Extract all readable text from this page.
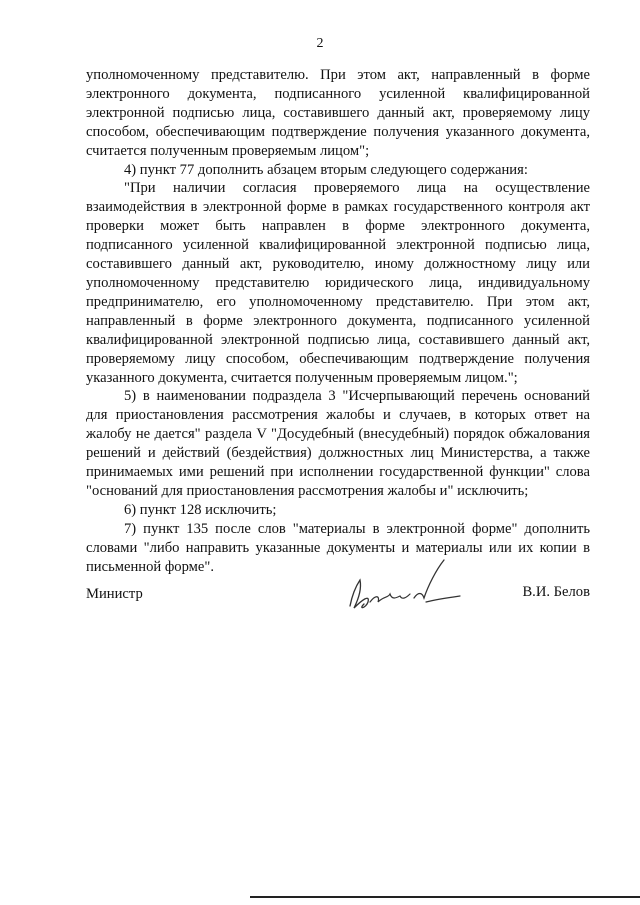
2

уполномоченному представителю. При этом акт, направленный в форме электронного документа, подписанного усиленной квалифицированной электронной подписью лица, составившего данный акт, проверяемому лицу способом, обеспечивающим подтверждение получения указанного документа, считается полученным проверяемым лицом";

4) пункт 77 дополнить абзацем вторым следующего содержания:

"При наличии согласия проверяемого лица на осуществление взаимодействия в электронной форме в рамках государственного контроля акт проверки может быть направлен в форме электронного документа, подписанного усиленной квалифицированной электронной подписью лица, составившего данный акт, руководителю, иному должностному лицу или уполномоченному представителю юридического лица, индивидуальному предпринимателю, его уполномоченному представителю. При этом акт, направленный в форме электронного документа, подписанного усиленной квалифицированной электронной подписью лица, составившего данный акт, проверяемому лицу способом, обеспечивающим подтверждение получения указанного документа, считается полученным проверяемым лицом.";

5) в наименовании подраздела 3 "Исчерпывающий перечень оснований для приостановления рассмотрения жалобы и случаев, в которых ответ на жалобу не дается" раздела V "Досудебный (внесудебный) порядок обжалования решений и действий (бездействия) должностных лиц Министерства, а также принимаемых ими решений при исполнении государственной функции" слова "оснований для приостановления рассмотрения жалобы и" исключить;

6) пункт 128 исключить;

7) пункт 135 после слов "материалы в электронной форме" дополнить словами "либо направить указанные документы и материалы или их копии в письменной форме".

Министр	В.И. Белов
